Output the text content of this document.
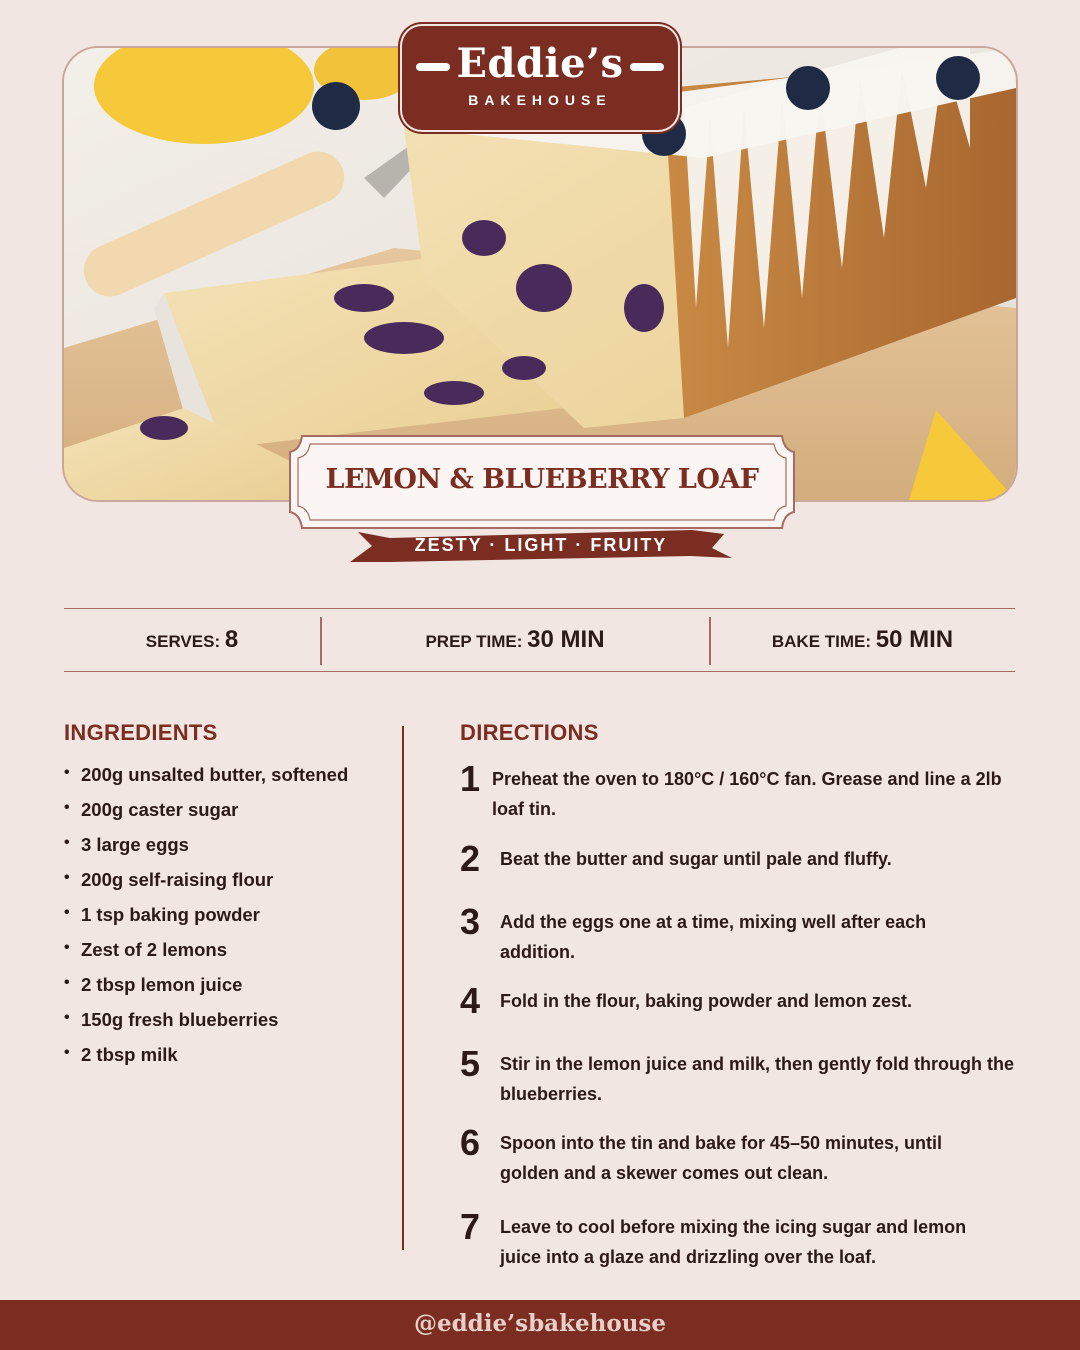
Eddie’s
BAKEHOUSE
LEMON & BLUEBERRY LOAF
ZESTY · LIGHT · FRUITY
SERVES: 8	PREP TIME: 30 MIN	BAKE TIME: 50 MIN
INGREDIENTS
• 200g unsalted butter, softened
• 200g caster sugar
• 3 large eggs
• 200g self-raising flour
• 1 tsp baking powder
• Zest of 2 lemons
• 2 tbsp lemon juice
• 150g fresh blueberries
• 2 tbsp milk
DIRECTIONS
1 Preheat the oven to 180°C / 160°C fan. Grease and line a 2lb loaf tin.
2 Beat the butter and sugar until pale and fluffy.
3 Add the eggs one at a time, mixing well after each addition.
4 Fold in the flour, baking powder and lemon zest.
5 Stir in the lemon juice and milk, then gently fold through the blueberries.
6 Spoon into the tin and bake for 45–50 minutes, until golden and a skewer comes out clean.
7 Leave to cool before mixing the icing sugar and lemon juice into a glaze and drizzling over the loaf.
@eddie’sbakehouse
